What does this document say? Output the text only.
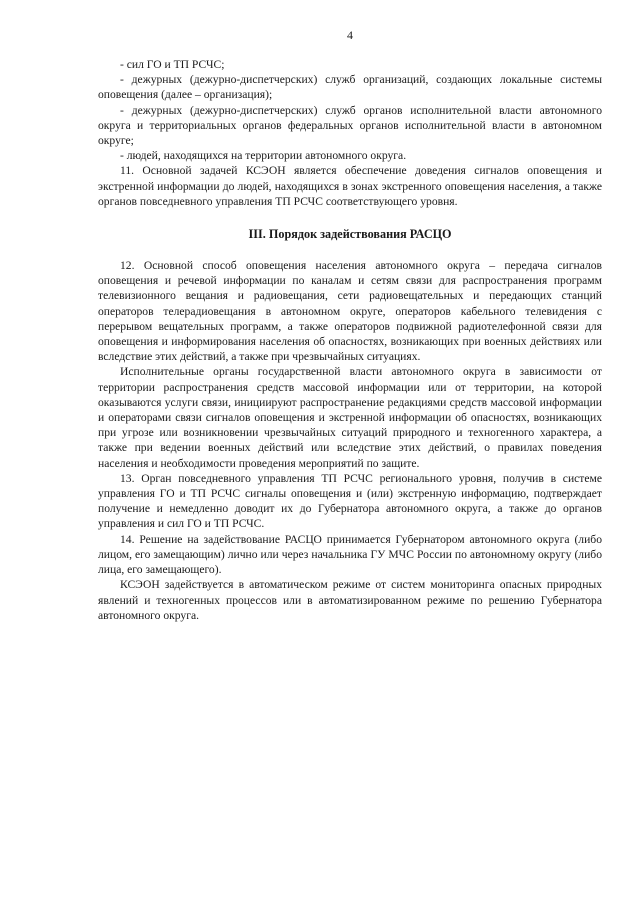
4

- сил ГО и ТП РСЧС;

- дежурных (дежурно-диспетчерских) служб организаций, создающих локальные системы оповещения (далее – организация);

- дежурных (дежурно-диспетчерских) служб органов исполнительной власти автономного округа и территориальных органов федеральных органов исполнительной власти в автономном округе;

- людей, находящихся на территории автономного округа.

11. Основной задачей КСЭОН является обеспечение доведения сигналов оповещения и экстренной информации до людей, находящихся в зонах экстренного оповещения населения, а также органов повседневного управления ТП РСЧС соответствующего уровня.

III. Порядок задействования РАСЦО

12. Основной способ оповещения населения автономного округа – передача сигналов оповещения и речевой информации по каналам и сетям связи для распространения программ телевизионного вещания и радиовещания, сети радиовещательных и передающих станций операторов телерадиовещания в автономном округе, операторов кабельного телевидения с перерывом вещательных программ, а также операторов подвижной радиотелефонной связи для оповещения и информирования населения об опасностях, возникающих при военных действиях или вследствие этих действий, а также при чрезвычайных ситуациях.

Исполнительные органы государственной власти автономного округа в зависимости от территории распространения средств массовой информации или от территории, на которой оказываются услуги связи, инициируют распространение редакциями средств массовой информации и операторами связи сигналов оповещения и экстренной информации об опасностях, возникающих при угрозе или возникновении чрезвычайных ситуаций природного и техногенного характера, а также при ведении военных действий или вследствие этих действий, о правилах поведения населения и необходимости проведения мероприятий по защите.

13. Орган повседневного управления ТП РСЧС регионального уровня, получив в системе управления ГО и ТП РСЧС сигналы оповещения и (или) экстренную информацию, подтверждает получение и немедленно доводит их до Губернатора автономного округа, а также до органов управления и сил ГО и ТП РСЧС.

14. Решение на задействование РАСЦО принимается Губернатором автономного округа (либо лицом, его замещающим) лично или через начальника ГУ МЧС России по автономному округу (либо лица, его замещающего).

КСЭОН задействуется в автоматическом режиме от систем мониторинга опасных природных явлений и техногенных процессов или в автоматизированном режиме по решению Губернатора автономного округа.
